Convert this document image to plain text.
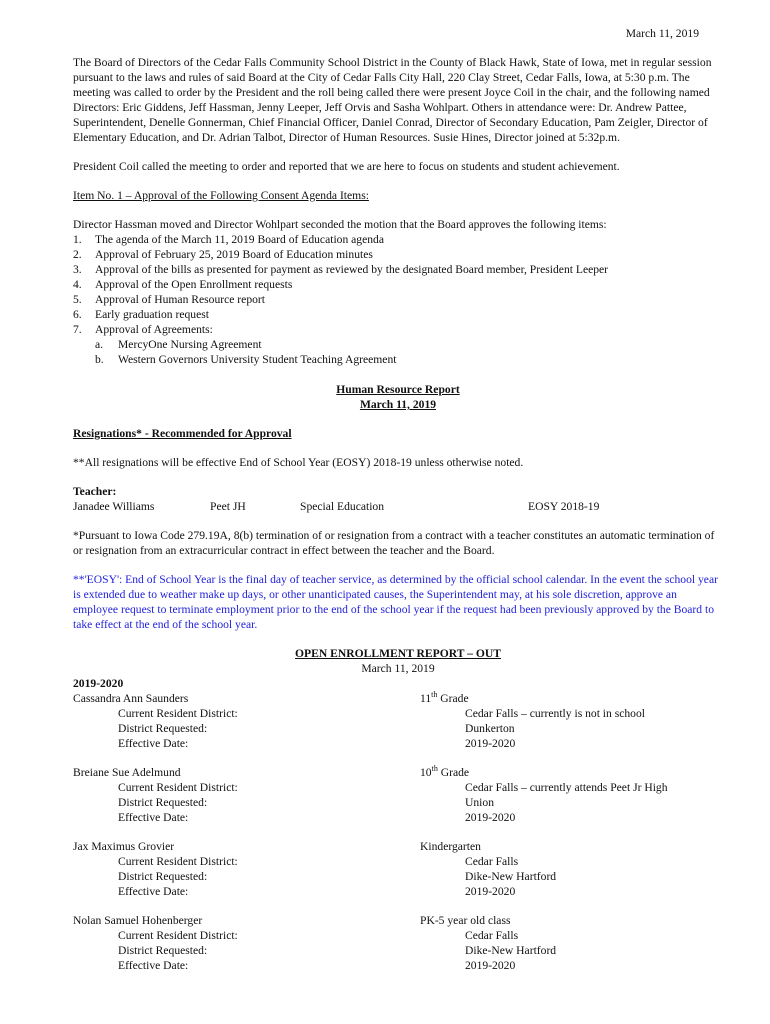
March 11, 2019

The Board of Directors of the Cedar Falls Community School District in the County of Black Hawk, State of Iowa, met in regular session pursuant to the laws and rules of said Board at the City of Cedar Falls City Hall, 220 Clay Street, Cedar Falls, Iowa, at 5:30 p.m. The meeting was called to order by the President and the roll being called there were present Joyce Coil in the chair, and the following named Directors: Eric Giddens, Jeff Hassman, Jenny Leeper, Jeff Orvis and Sasha Wohlpart. Others in attendance were: Dr. Andrew Pattee, Superintendent, Denelle Gonnerman, Chief Financial Officer, Daniel Conrad, Director of Secondary Education, Pam Zeigler, Director of Elementary Education, and Dr. Adrian Talbot, Director of Human Resources. Susie Hines, Director joined at 5:32p.m.

President Coil called the meeting to order and reported that we are here to focus on students and student achievement.

Item No. 1 – Approval of the Following Consent Agenda Items:

Director Hassman moved and Director Wohlpart seconded the motion that the Board approves the following items:

1.	The agenda of the March 11, 2019 Board of Education agenda
2.	Approval of February 25, 2019 Board of Education minutes
3.	Approval of the bills as presented for payment as reviewed by the designated Board member, President Leeper
4.	Approval of the Open Enrollment requests
5.	Approval of Human Resource report
6.	Early graduation request
7.	Approval of Agreements:
a.	MercyOne Nursing Agreement
b.	Western Governors University Student Teaching Agreement
Human Resource Report
March 11, 2019

Resignations* - Recommended for Approval

**All resignations will be effective End of School Year (EOSY) 2018-19 unless otherwise noted.

Teacher:

Janadee Williams	Peet JH	Special Education	EOSY 2018-19

*Pursuant to Iowa Code 279.19A, 8(b) termination of or resignation from a contract with a teacher constitutes an automatic termination of or resignation from an extracurricular contract in effect between the teacher and the Board.

**'EOSY': End of School Year is the final day of teacher service, as determined by the official school calendar. In the event the school year is extended due to weather make up days, or other unanticipated causes, the Superintendent may, at his sole discretion, approve an employee request to terminate employment prior to the end of the school year if the request had been previously approved by the Board to take effect at the end of the school year.

OPEN ENROLLMENT REPORT – OUT
March 11, 2019
2019-2020
Cassandra Ann Saunders	11th Grade
Current Resident District:	Cedar Falls – currently is not in school
District Requested:	Dunkerton
Effective Date:	2019-2020
Breiane Sue Adelmund	10th Grade
Current Resident District:	Cedar Falls – currently attends Peet Jr High
District Requested:	Union
Effective Date:	2019-2020
Jax Maximus Grovier	Kindergarten
Current Resident District:	Cedar Falls
District Requested:	Dike-New Hartford
Effective Date:	2019-2020
Nolan Samuel Hohenberger	PK-5 year old class
Current Resident District:	Cedar Falls
District Requested:	Dike-New Hartford
Effective Date:	2019-2020
